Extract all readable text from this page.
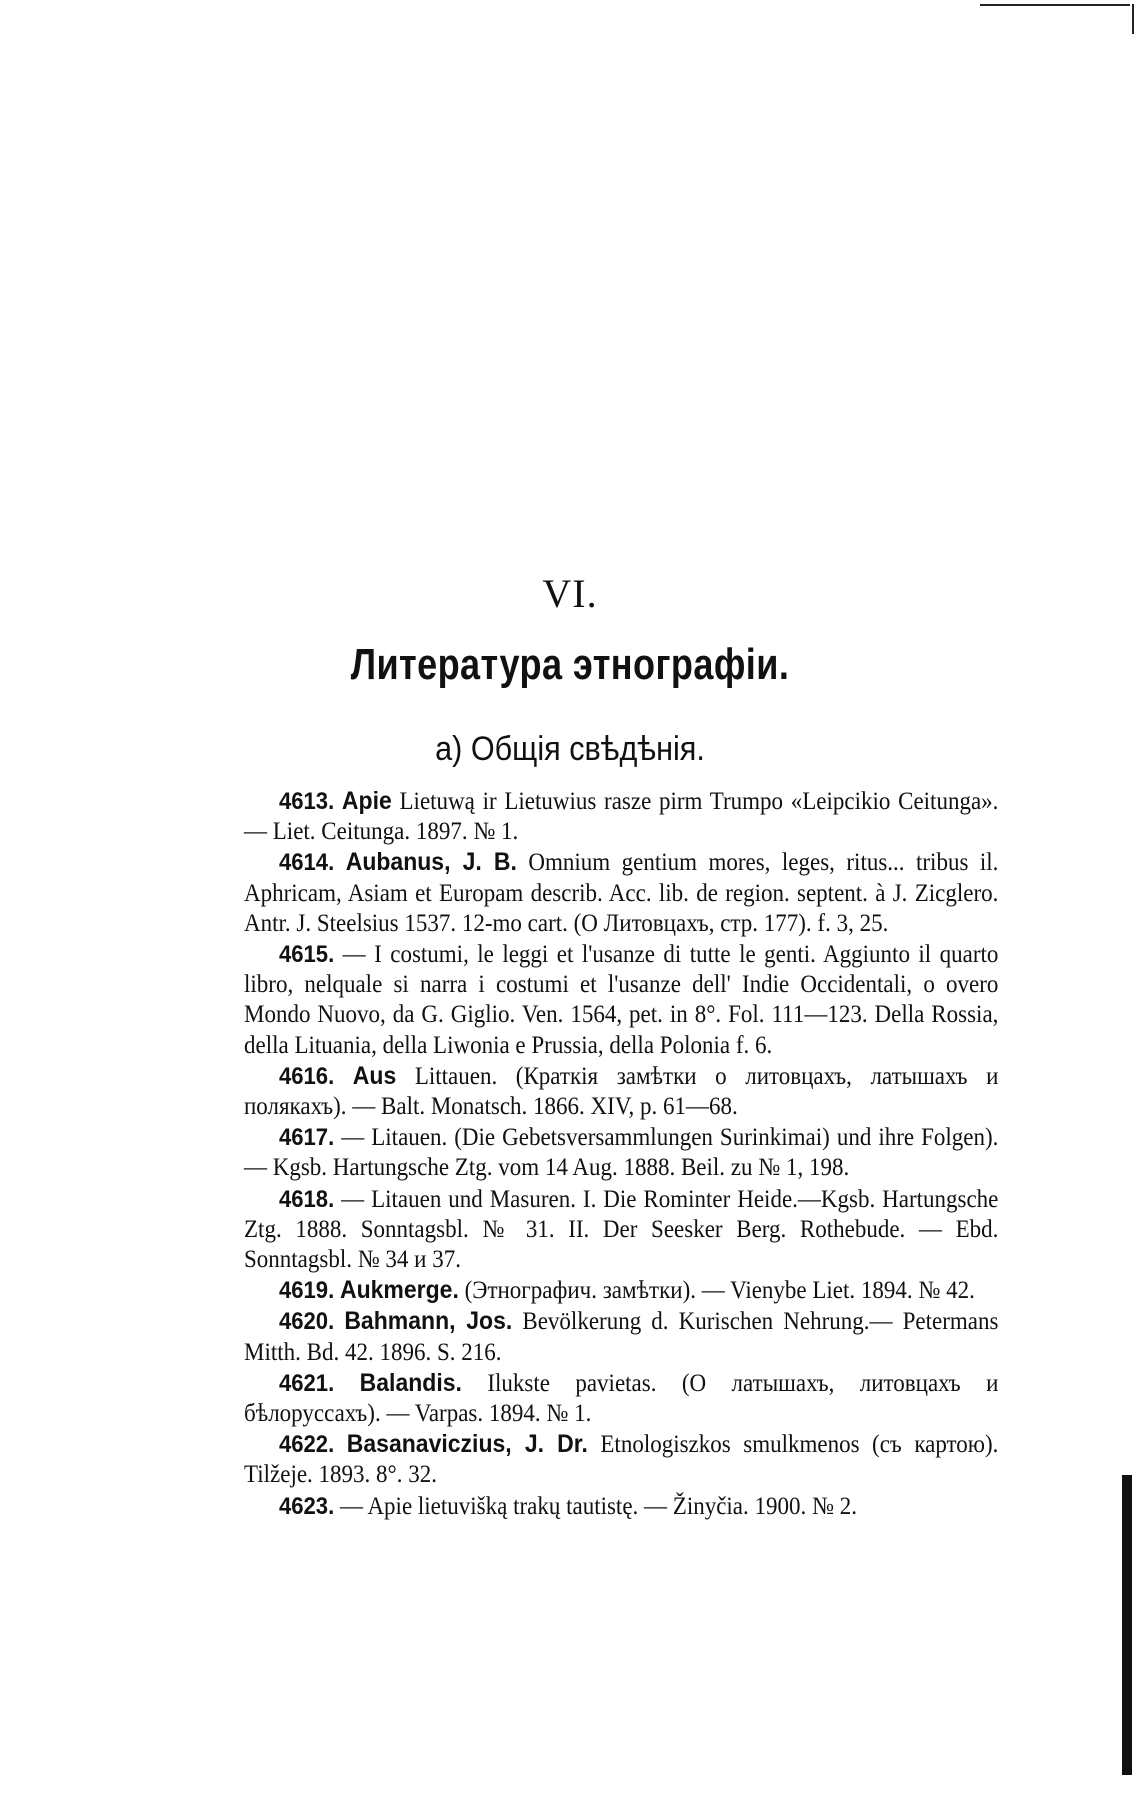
VI.
Литература этнографіи.
а) Общія свѣдѣнія.

4613. Apie Lietuwą ir Lietuwius rasze pirm Trumpo «Leipcikio Ceitunga». — Liet. Ceitunga. 1897. № 1.

4614. Aubanus, J. B. Omnium gentium mores, leges, ritus... tribus il. Aphricam, Asiam et Europam describ. Acc. lib. de region. septent. à J. Zicglero. Antr. J. Steelsius 1537. 12-mo cart. (О Литовцахъ, стр. 177). f. 3, 25.

4615. — I costumi, le leggi et l'usanze di tutte le genti. Aggiunto il quarto libro, nelquale si narra i costumi et l'usanze dell' Indie Occidentali, o overo Mondo Nuovo, da G. Giglio. Ven. 1564, pet. in 8°. Fol. 111—123. Della Rossia, della Lituania, della Liwonia e Prussia, della Polonia f. 6.

4616. Aus Littauen. (Краткія замѣтки о литовцахъ, латышахъ и полякахъ). — Balt. Monatsch. 1866. XIV, p. 61—68.

4617. — Litauen. (Die Gebetsversammlungen Surinkimai) und ihre Folgen). — Kgsb. Hartungsche Ztg. vom 14 Aug. 1888. Beil. zu № 1, 198.

4618. — Litauen und Masuren. I. Die Rominter Heide.—Kgsb. Hartungsche Ztg. 1888. Sonntagsbl. № 31. II. Der Seesker Berg. Rothebude. — Ebd. Sonntagsbl. № 34 и 37.

4619. Aukmerge. (Этнографич. замѣтки). — Vienybe Liet. 1894. № 42.

4620. Bahmann, Jos. Bevölkerung d. Kurischen Nehrung.— Petermans Mitth. Bd. 42. 1896. S. 216.

4621. Balandis. Ilukste pavietas. (О латышахъ, литовцахъ и бѣлоруссахъ). — Varpas. 1894. № 1.

4622. Basanaviczius, J. Dr. Etnologiszkos smulkmenos (съ картою). Tilžeje. 1893. 8°. 32.

4623. — Apie lietuvišką trakų tautistę. — Žinyčia. 1900. № 2.
